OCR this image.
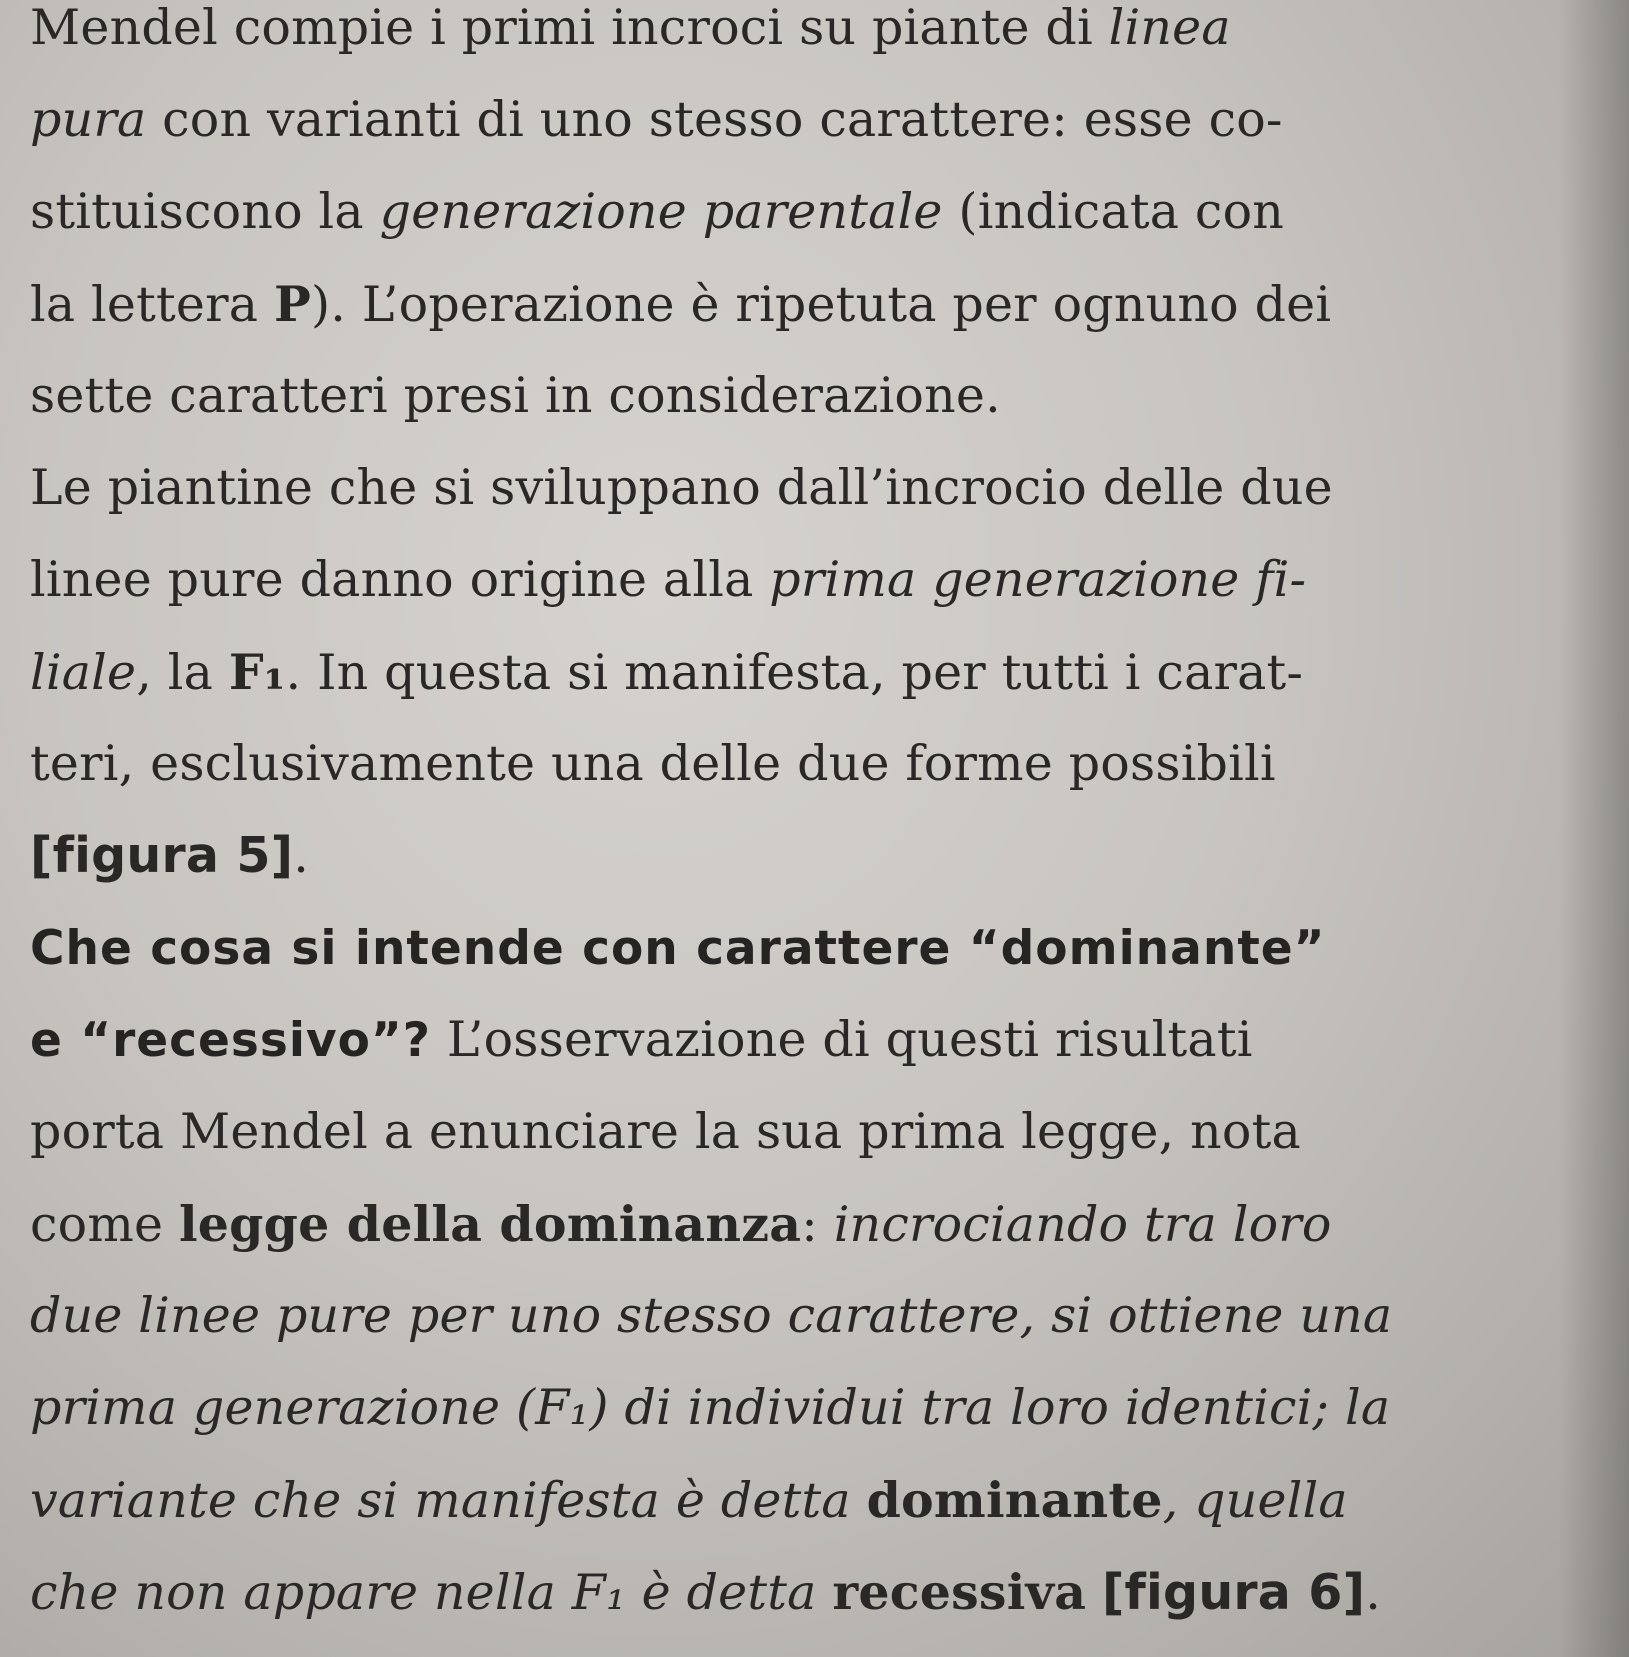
Mendel compie i primi incroci su piante di linea
pura con varianti di uno stesso carattere: esse co-
stituiscono la generazione parentale (indicata con
la lettera P). L’operazione è ripetuta per ognuno dei
sette caratteri presi in considerazione.
Le piantine che si sviluppano dall’incrocio delle due
linee pure danno origine alla prima generazione fi-
liale, la F₁. In questa si manifesta, per tutti i carat-
teri, esclusivamente una delle due forme possibili
[figura 5].
Che cosa si intende con carattere “dominante”
e “recessivo”? L’osservazione di questi risultati
porta Mendel a enunciare la sua prima legge, nota
come legge della dominanza: incrociando tra loro
due linee pure per uno stesso carattere, si ottiene una
prima generazione (F₁) di individui tra loro identici; la
variante che si manifesta è detta dominante, quella
che non appare nella F₁ è detta recessiva [figura 6].
